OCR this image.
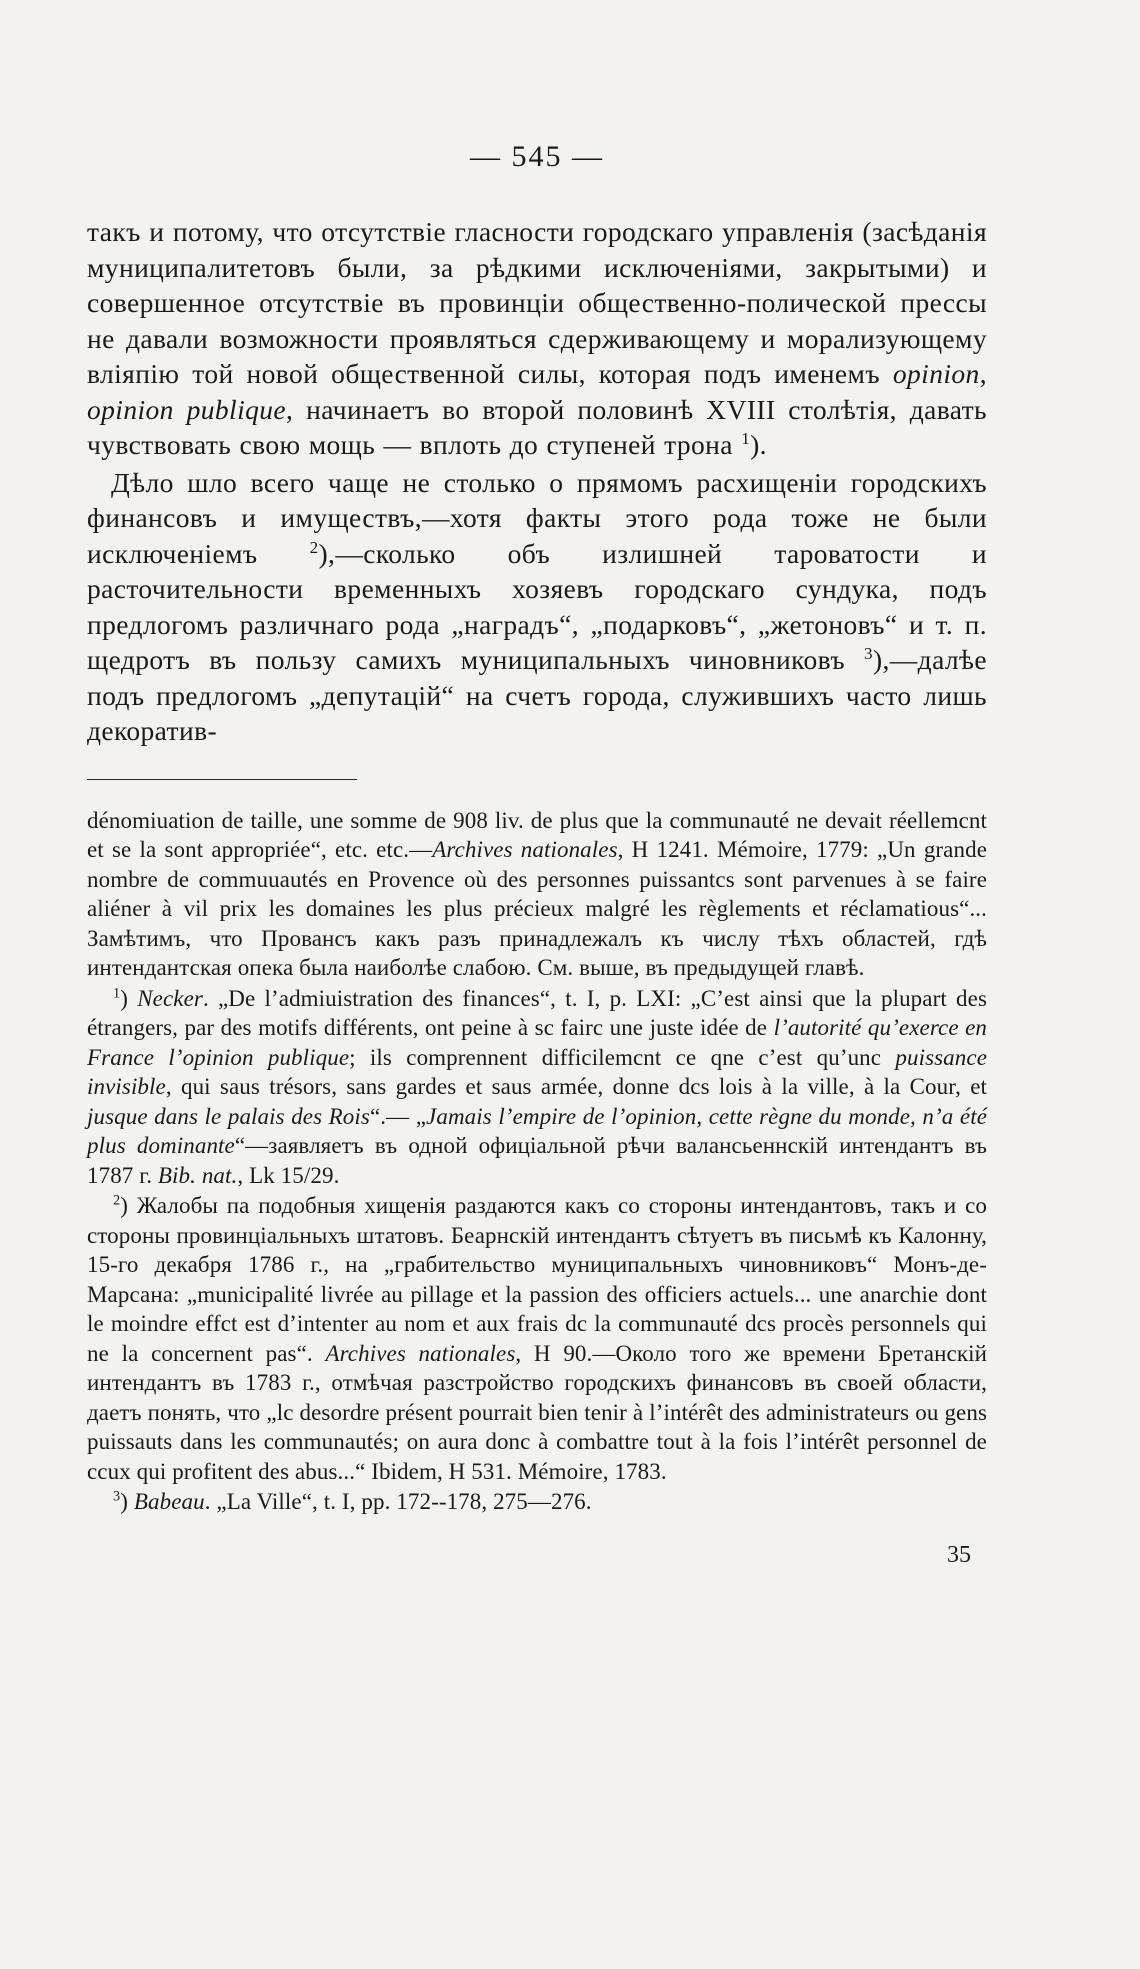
— 545 —

такъ и потому, что отсутствіе гласности городскаго управленія (засѣданія муниципалитетовъ были, за рѣдкими исключеніями, закрытыми) и совершенное отсутствіе въ провинціи общественно-полической прессы не давали возможности проявляться сдерживающему и морализующему вліяпію той новой общественной силы, которая подъ именемъ opinion, opinion publique, начинаетъ во второй половинѣ XVIII столѣтія, давать чувствовать свою мощь — вплоть до ступеней трона $^1$).

Дѣло шло всего чаще не столько о прямомъ расхищеніи городскихъ финансовъ и имуществъ,—хотя факты этого рода тоже не были исключеніемъ $^2$),—сколько объ излишней тароватости и расточительности временныхъ хозяевъ городскаго сундука, подъ предлогомъ различнаго рода „наградъ“, „подарковъ“, „жетоновъ“ и т. п. щедротъ въ пользу самихъ муниципальныхъ чиновниковъ $^3$),—далѣе подъ предлогомъ „депутацій“ на счетъ города, служившихъ часто лишь декоратив-

dénomiuation de taille, une somme de 908 liv. de plus que la communauté ne devait réellemcnt et se la sont appropriée“, etc. etc.—Archives nationales, H 1241. Mémoire, 1779: „Un grande nombre de commuuautés en Provence où des personnes puissantcs sont parvenues à se faire aliéner à vil prix les domaines les plus précieux malgré les règlements et réclamatious“... Замѣтимъ, что Провансъ какъ разъ принадлежалъ къ числу тѣхъ областей, гдѣ интендантская опека была наиболѣе слабою. См. выше, въ предыдущей главѣ.

$^1$) Necker. „De l’admiuistration des finances“, t. I, p. LXI: „C’est ainsi que la plupart des étrangers, par des motifs différents, ont peine à sc fairc une juste idée de l’autorité qu’exerce en France l’opinion publique; ils comprennent difficilemcnt ce qne c’est qu’unc puissance invisible, qui saus trésors, sans gardes et saus armée, donne dcs lois à la ville, à la Cour, et jusque dans le palais des Rois“.— „Jamais l’empire de l’opinion, cette règne du monde, n’a été plus dominante“—заявляетъ въ одной офиціальной рѣчи валансьеннскій интендантъ въ 1787 г. Bib. nat., Lk 15/29.

$^2$) Жалобы па подобныя хищенія раздаются какъ со стороны интендантовъ, такъ и со стороны провинціальныхъ штатовъ. Беарнскій интендантъ сѣтуетъ въ письмѣ къ Калонну, 15-го декабря 1786 г., на „грабительство муниципальныхъ чиновниковъ“ Монъ-де-Марсана: „municipalité livrée au pillage et la passion des officiers actuels... une anarchie dont le moindre effct est d’intenter au nom et aux frais dc la communauté dcs procès personnels qui ne la concernent pas“. Archives nationales, H 90.—Около того же времени Бретанскій интендантъ въ 1783 г., отмѣчая разстройство городскихъ финансовъ въ своей области, даетъ понять, что „lc desordre présent pourrait bien tenir à l’intérêt des administrateurs ou gens puissauts dans les communautés; on aura donc à combattre tout à la fois l’intérêt personnel de ccux qui profitent des abus...“ Ibidem, H 531. Mémoire, 1783.

$^3$) Babeau. „La Ville“, t. I, pp. 172--178, 275—276.

35
